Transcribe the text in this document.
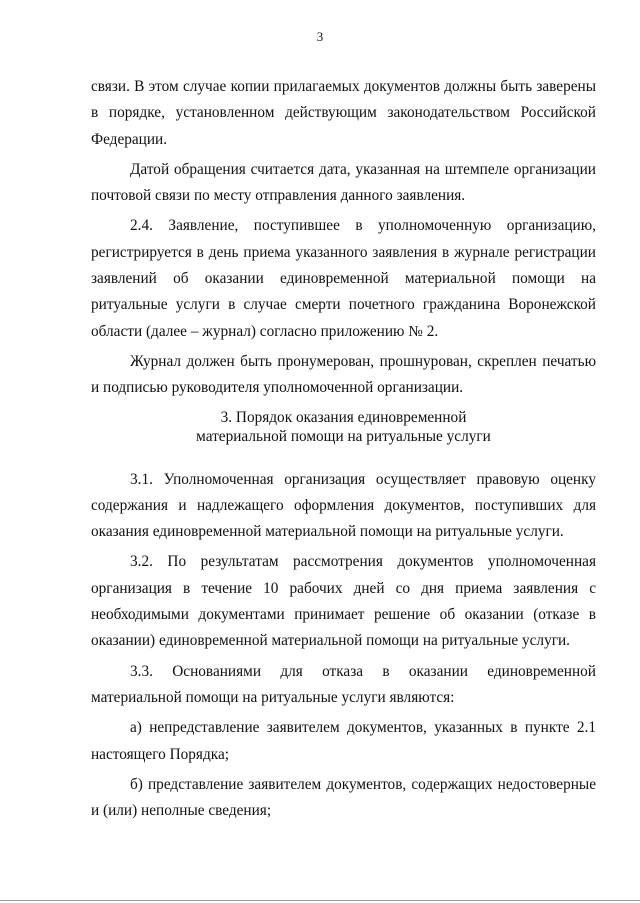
3

связи. В этом случае копии прилагаемых документов должны быть заверены в порядке, установленном действующим законодательством Российской Федерации.

Датой обращения считается дата, указанная на штемпеле организации почтовой связи по месту отправления данного заявления.

2.4. Заявление, поступившее в уполномоченную организацию, регистрируется в день приема указанного заявления в журнале регистрации заявлений об оказании единовременной материальной помощи на ритуальные услуги в случае смерти почетного гражданина Воронежской области (далее – журнал) согласно приложению № 2.

Журнал должен быть пронумерован, прошнурован, скреплен печатью и подписью руководителя уполномоченной организации.

3. Порядок оказания единовременной
материальной помощи на ритуальные услуги

3.1. Уполномоченная организация осуществляет правовую оценку содержания и надлежащего оформления документов, поступивших для оказания единовременной материальной помощи на ритуальные услуги.

3.2. По результатам рассмотрения документов уполномоченная организация в течение 10 рабочих дней со дня приема заявления с необходимыми документами принимает решение об оказании (отказе в оказании) единовременной материальной помощи на ритуальные услуги.

3.3. Основаниями для отказа в оказании единовременной материальной помощи на ритуальные услуги являются:

а) непредставление заявителем документов, указанных в пункте 2.1 настоящего Порядка;

б) представление заявителем документов, содержащих недостоверные и (или) неполные сведения;
